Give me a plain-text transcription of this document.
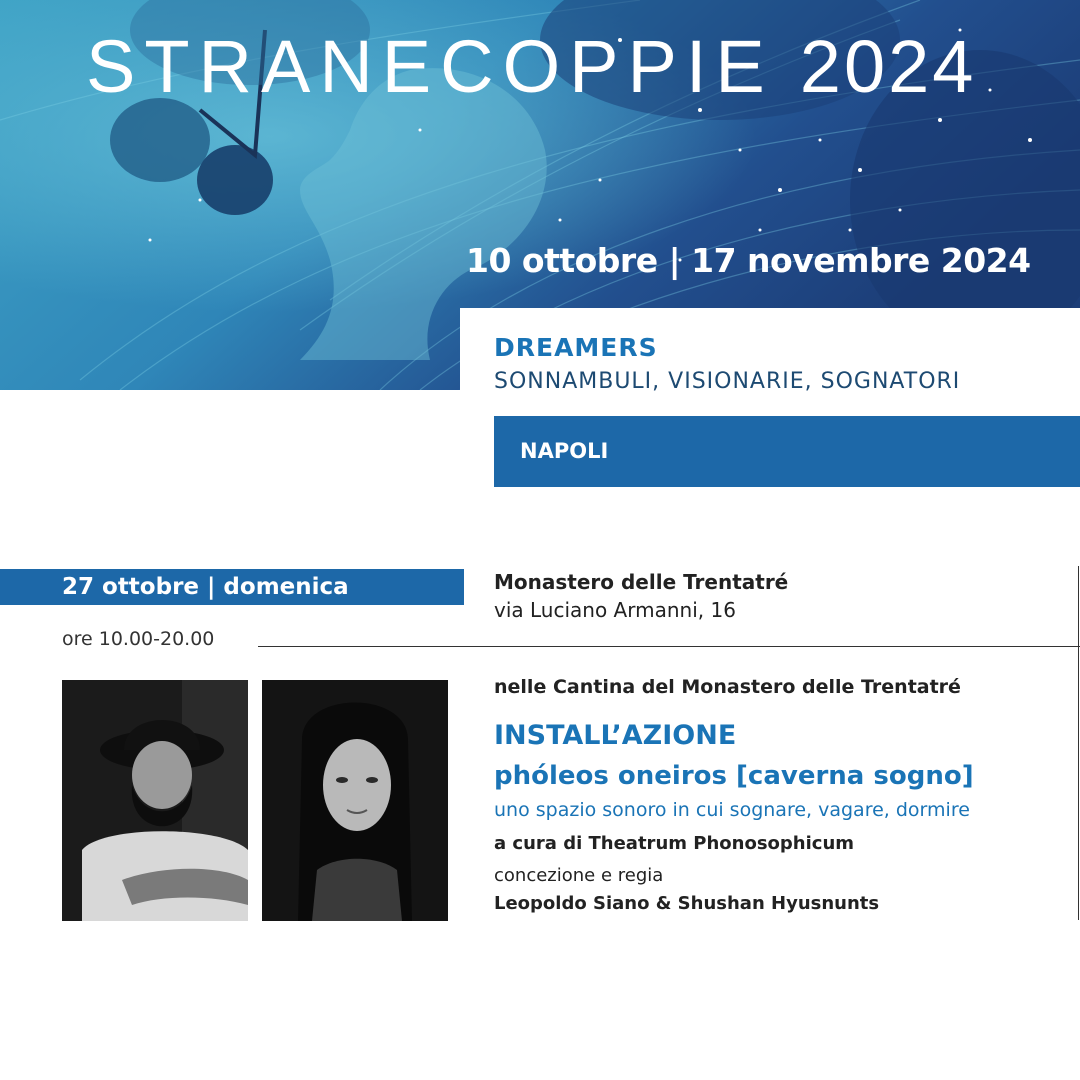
STRANECOPPIE 2024
10 ottobre | 17 novembre 2024
DREAMERS
SONNAMBULI, VISIONARIE, SOGNATORI
NAPOLI
27 ottobre | domenica
ore 10.00-20.00
Monastero delle Trentatré
via Luciano Armanni, 16
nelle Cantina del Monastero delle Trentatré
INSTALL’AZIONE
phóleos oneiros [caverna sogno]
uno spazio sonoro in cui sognare, vagare, dormire
a cura di Theatrum Phonosophicum
concezione e regia
Leopoldo Siano & Shushan Hyusnunts
